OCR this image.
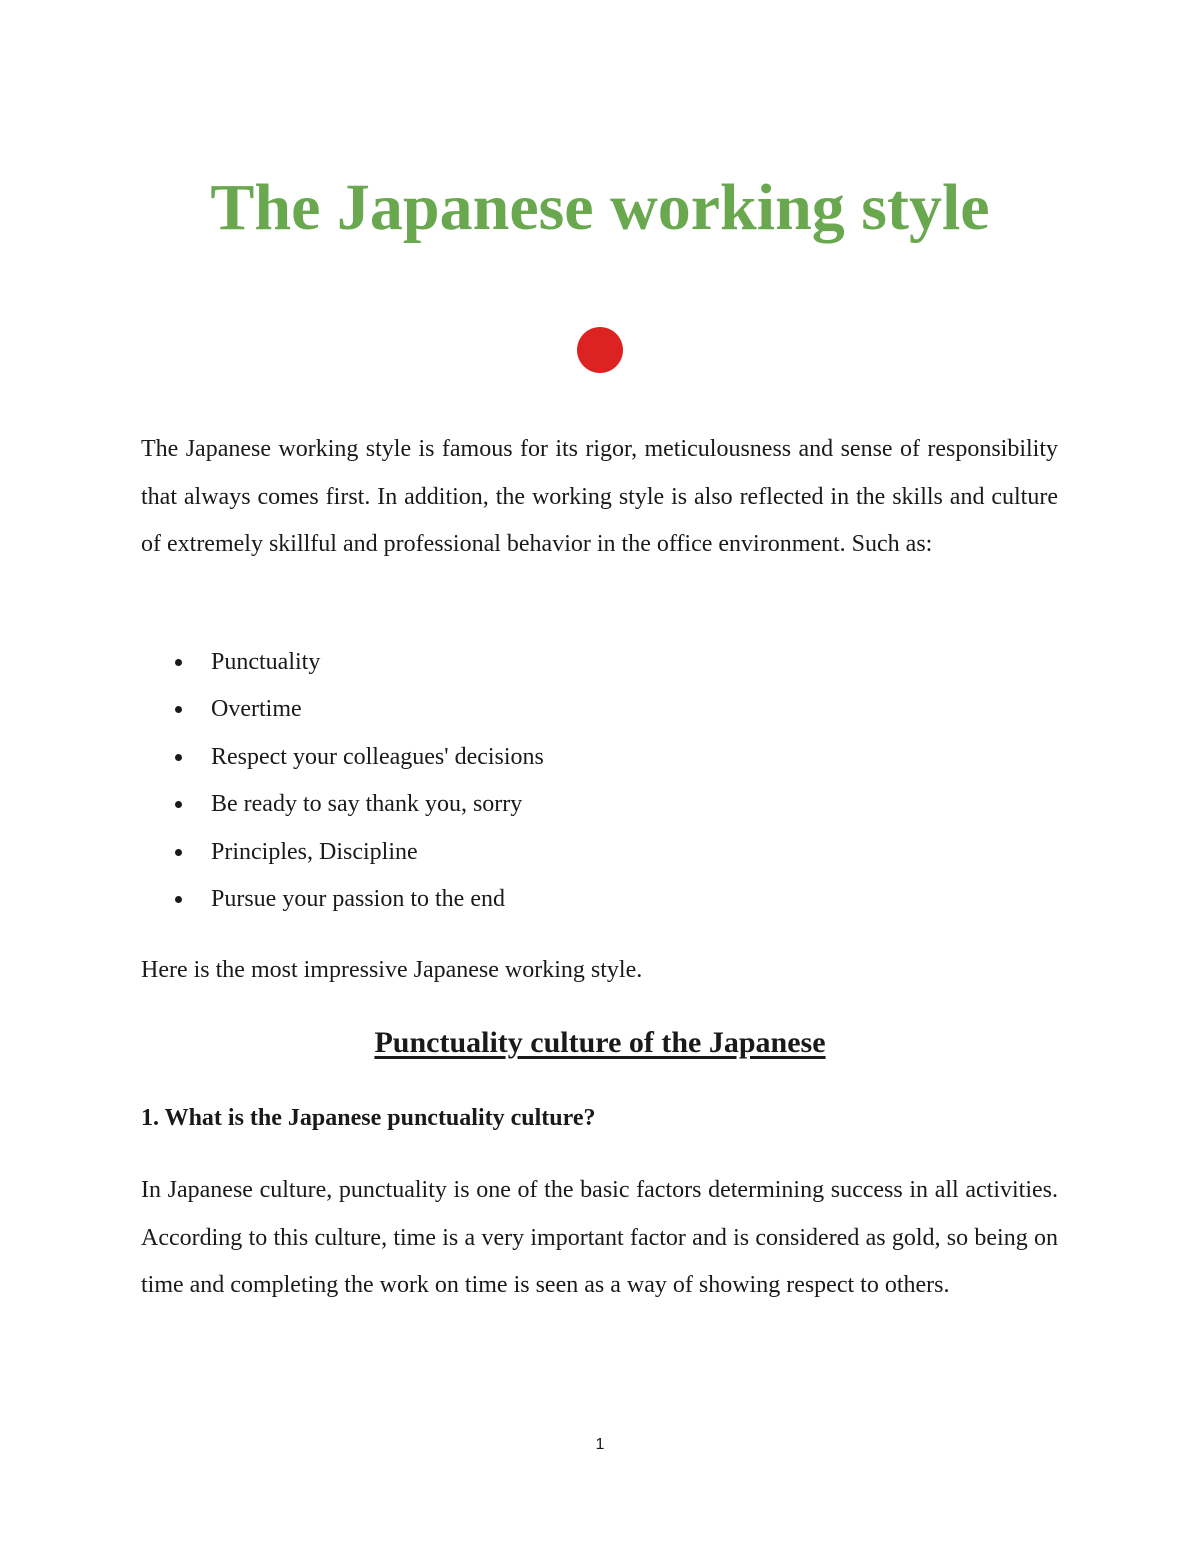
The Japanese working style

The Japanese working style is famous for its rigor, meticulousness and sense of responsibility that always comes first. In addition, the working style is also reflected in the skills and culture of extremely skillful and professional behavior in the office environment. Such as:

Punctuality
Overtime
Respect your colleagues' decisions
Be ready to say thank you, sorry
Principles, Discipline
Pursue your passion to the end

Here is the most impressive Japanese working style.

Punctuality culture of the Japanese
1. What is the Japanese punctuality culture?

In Japanese culture, punctuality is one of the basic factors determining success in all activities. According to this culture, time is a very important factor and is considered as gold, so being on time and completing the work on time is seen as a way of showing respect to others.

1
